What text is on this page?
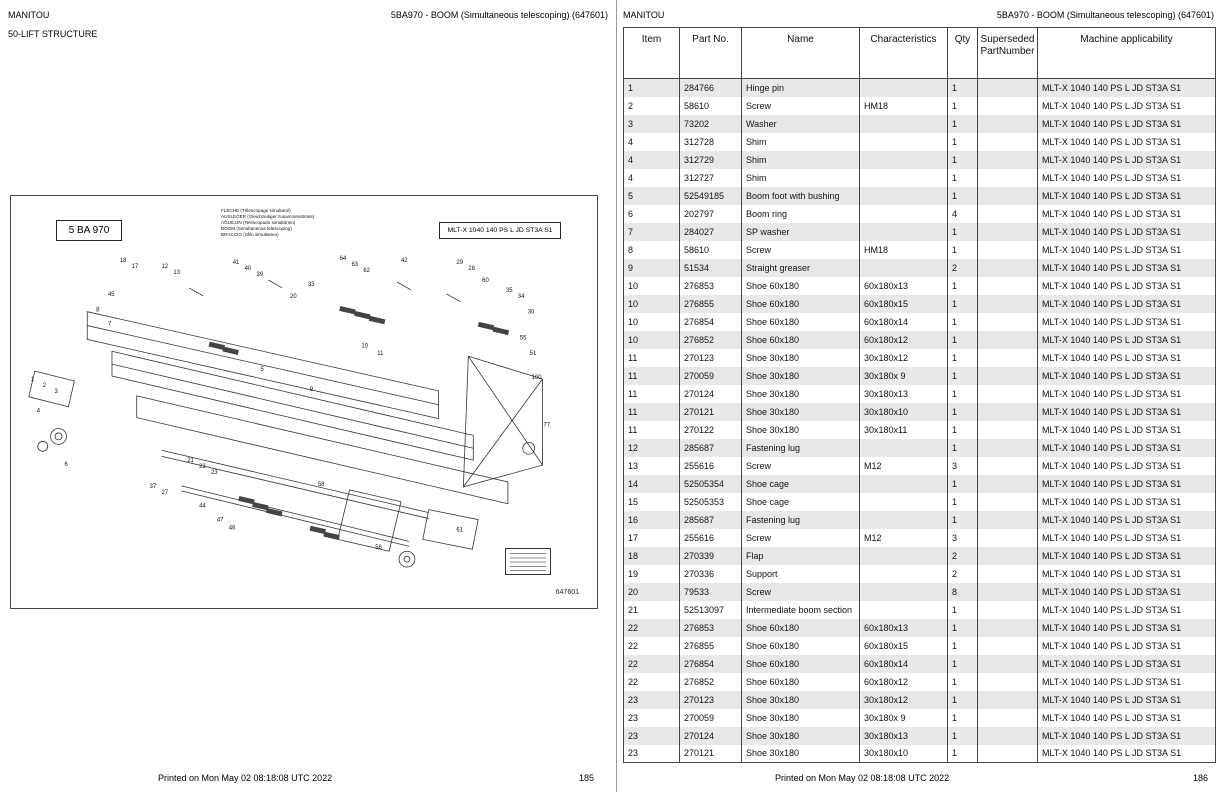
MANITOU	5BA970 - BOOM (Simultaneous telescoping) (647601)
50-LIFT STRUCTURE
5 BA 970
FLECHE (Télescopage simultané)
AUSLEGER (Gleichzeitiger zusammenstross)
AGUILON (Telescopado simultáneo)
BOOM (Simultaneous telescoping)
BRACCIO (Sfilo simultaneo)
MLT-X 1040 140 PS L JD ST3A S1
18
17	12
13
41
40
39
20
64
63
62
42
33
29
28
60
45
35
34
30
55
51
100
77
8
7
10
11
5
9
1
2
3
4
6
21
22
23
37
27
44
47
46
58
56
61
647601
Printed on Mon May 02 08:18:08 UTC 2022	185
MANITOU	5BA970 - BOOM (Simultaneous telescoping) (647601)
Item	Part No.	Name	Characteristics	Qty	Superseded PartNumber	Machine applicability
1	284766	Hinge pin		1		MLT-X 1040 140 PS L JD ST3A S1
2	58610	Screw	HM18	1		MLT-X 1040 140 PS L JD ST3A S1
3	73202	Washer		1		MLT-X 1040 140 PS L JD ST3A S1
4	312728	Shim		1		MLT-X 1040 140 PS L JD ST3A S1
4	312729	Shim		1		MLT-X 1040 140 PS L JD ST3A S1
4	312727	Shim		1		MLT-X 1040 140 PS L JD ST3A S1
5	52549185	Boom foot with bushing		1		MLT-X 1040 140 PS L JD ST3A S1
6	202797	Boom ring		4		MLT-X 1040 140 PS L JD ST3A S1
7	284027	SP washer		1		MLT-X 1040 140 PS L JD ST3A S1
8	58610	Screw	HM18	1		MLT-X 1040 140 PS L JD ST3A S1
9	51534	Straight greaser		2		MLT-X 1040 140 PS L JD ST3A S1
10	276853	Shoe 60x180	60x180x13	1		MLT-X 1040 140 PS L JD ST3A S1
10	276855	Shoe 60x180	60x180x15	1		MLT-X 1040 140 PS L JD ST3A S1
10	276854	Shoe 60x180	60x180x14	1		MLT-X 1040 140 PS L JD ST3A S1
10	276852	Shoe 60x180	60x180x12	1		MLT-X 1040 140 PS L JD ST3A S1
11	270123	Shoe 30x180	30x180x12	1		MLT-X 1040 140 PS L JD ST3A S1
11	270059	Shoe 30x180	30x180x 9	1		MLT-X 1040 140 PS L JD ST3A S1
11	270124	Shoe 30x180	30x180x13	1		MLT-X 1040 140 PS L JD ST3A S1
11	270121	Shoe 30x180	30x180x10	1		MLT-X 1040 140 PS L JD ST3A S1
11	270122	Shoe 30x180	30x180x11	1		MLT-X 1040 140 PS L JD ST3A S1
12	285687	Fastening lug		1		MLT-X 1040 140 PS L JD ST3A S1
13	255616	Screw	M12	3		MLT-X 1040 140 PS L JD ST3A S1
14	52505354	Shoe cage		1		MLT-X 1040 140 PS L JD ST3A S1
15	52505353	Shoe cage		1		MLT-X 1040 140 PS L JD ST3A S1
16	285687	Fastening lug		1		MLT-X 1040 140 PS L JD ST3A S1
17	255616	Screw	M12	3		MLT-X 1040 140 PS L JD ST3A S1
18	270339	Flap		2		MLT-X 1040 140 PS L JD ST3A S1
19	270336	Support		2		MLT-X 1040 140 PS L JD ST3A S1
20	79533	Screw		8		MLT-X 1040 140 PS L JD ST3A S1
21	52513097	Intermediate boom section		1		MLT-X 1040 140 PS L JD ST3A S1
22	276853	Shoe 60x180	60x180x13	1		MLT-X 1040 140 PS L JD ST3A S1
22	276855	Shoe 60x180	60x180x15	1		MLT-X 1040 140 PS L JD ST3A S1
22	276854	Shoe 60x180	60x180x14	1		MLT-X 1040 140 PS L JD ST3A S1
22	276852	Shoe 60x180	60x180x12	1		MLT-X 1040 140 PS L JD ST3A S1
23	270123	Shoe 30x180	30x180x12	1		MLT-X 1040 140 PS L JD ST3A S1
23	270059	Shoe 30x180	30x180x 9	1		MLT-X 1040 140 PS L JD ST3A S1
23	270124	Shoe 30x180	30x180x13	1		MLT-X 1040 140 PS L JD ST3A S1
23	270121	Shoe 30x180	30x180x10	1		MLT-X 1040 140 PS L JD ST3A S1
Printed on Mon May 02 08:18:08 UTC 2022	186
